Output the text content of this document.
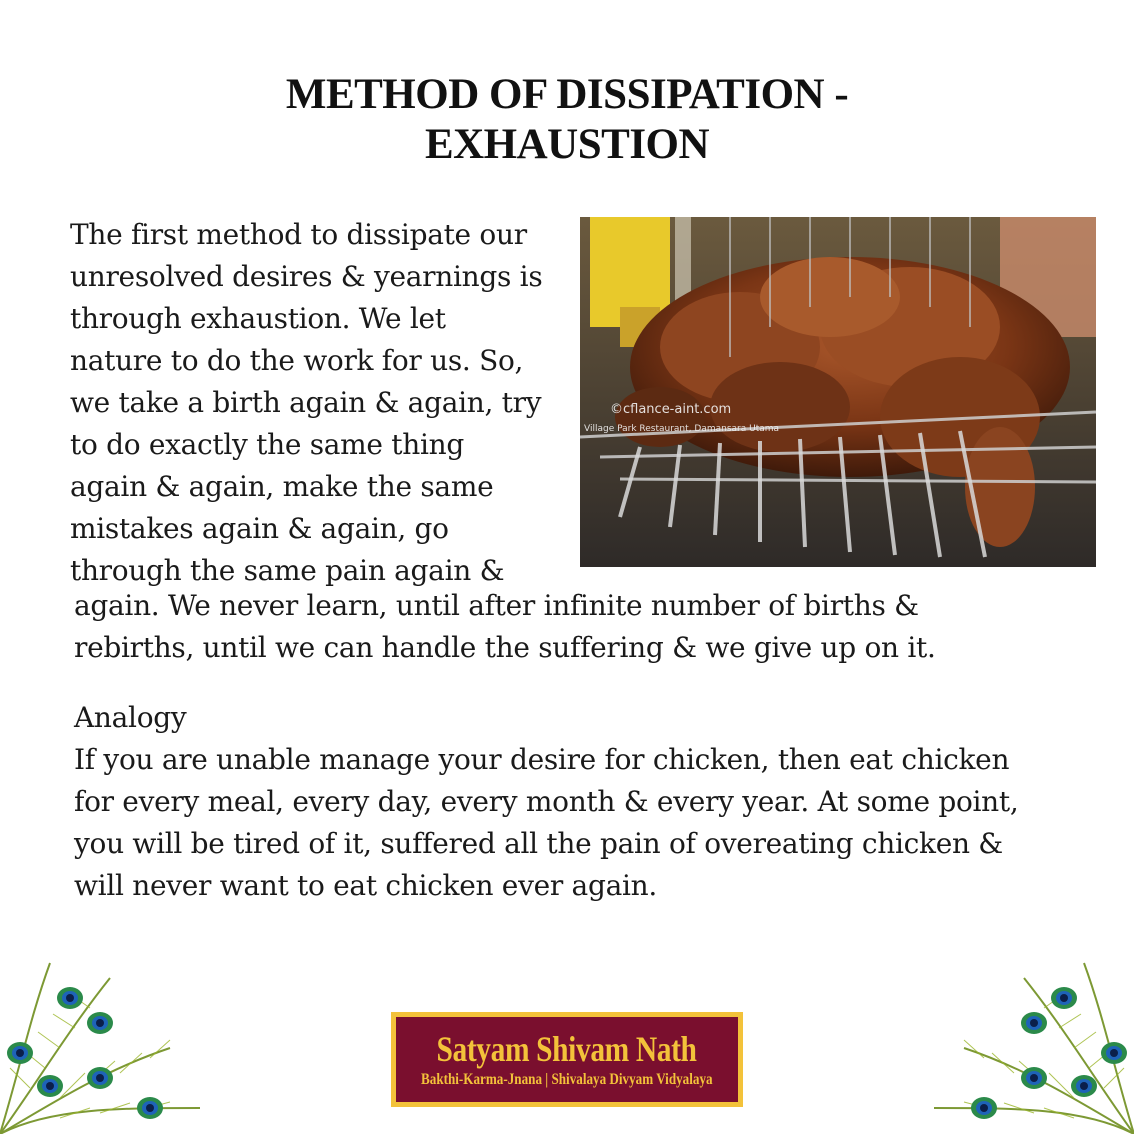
METHOD OF DISSIPATION -
EXHAUSTION
The first method to dissipate our
unresolved desires & yearnings is
through exhaustion. We let
nature to do the work for us. So,
we take a birth again & again, try
to do exactly the same thing
again & again, make the same
mistakes again & again, go
through the same pain again &
©cflance-aint.com
Village Park Restaurant, Damansara Utama
again. We never learn, until after infinite number of births &
rebirths, until we can handle the suffering & we give up on it.
Analogy
If you are unable manage your desire for chicken, then eat chicken
for every meal, every day, every month & every year. At some point,
you will be tired of it, suffered all the pain of overeating chicken &
will never want to eat chicken ever again.
Satyam Shivam Nath
Bakthi-Karma-Jnana | Shivalaya Divyam Vidyalaya
